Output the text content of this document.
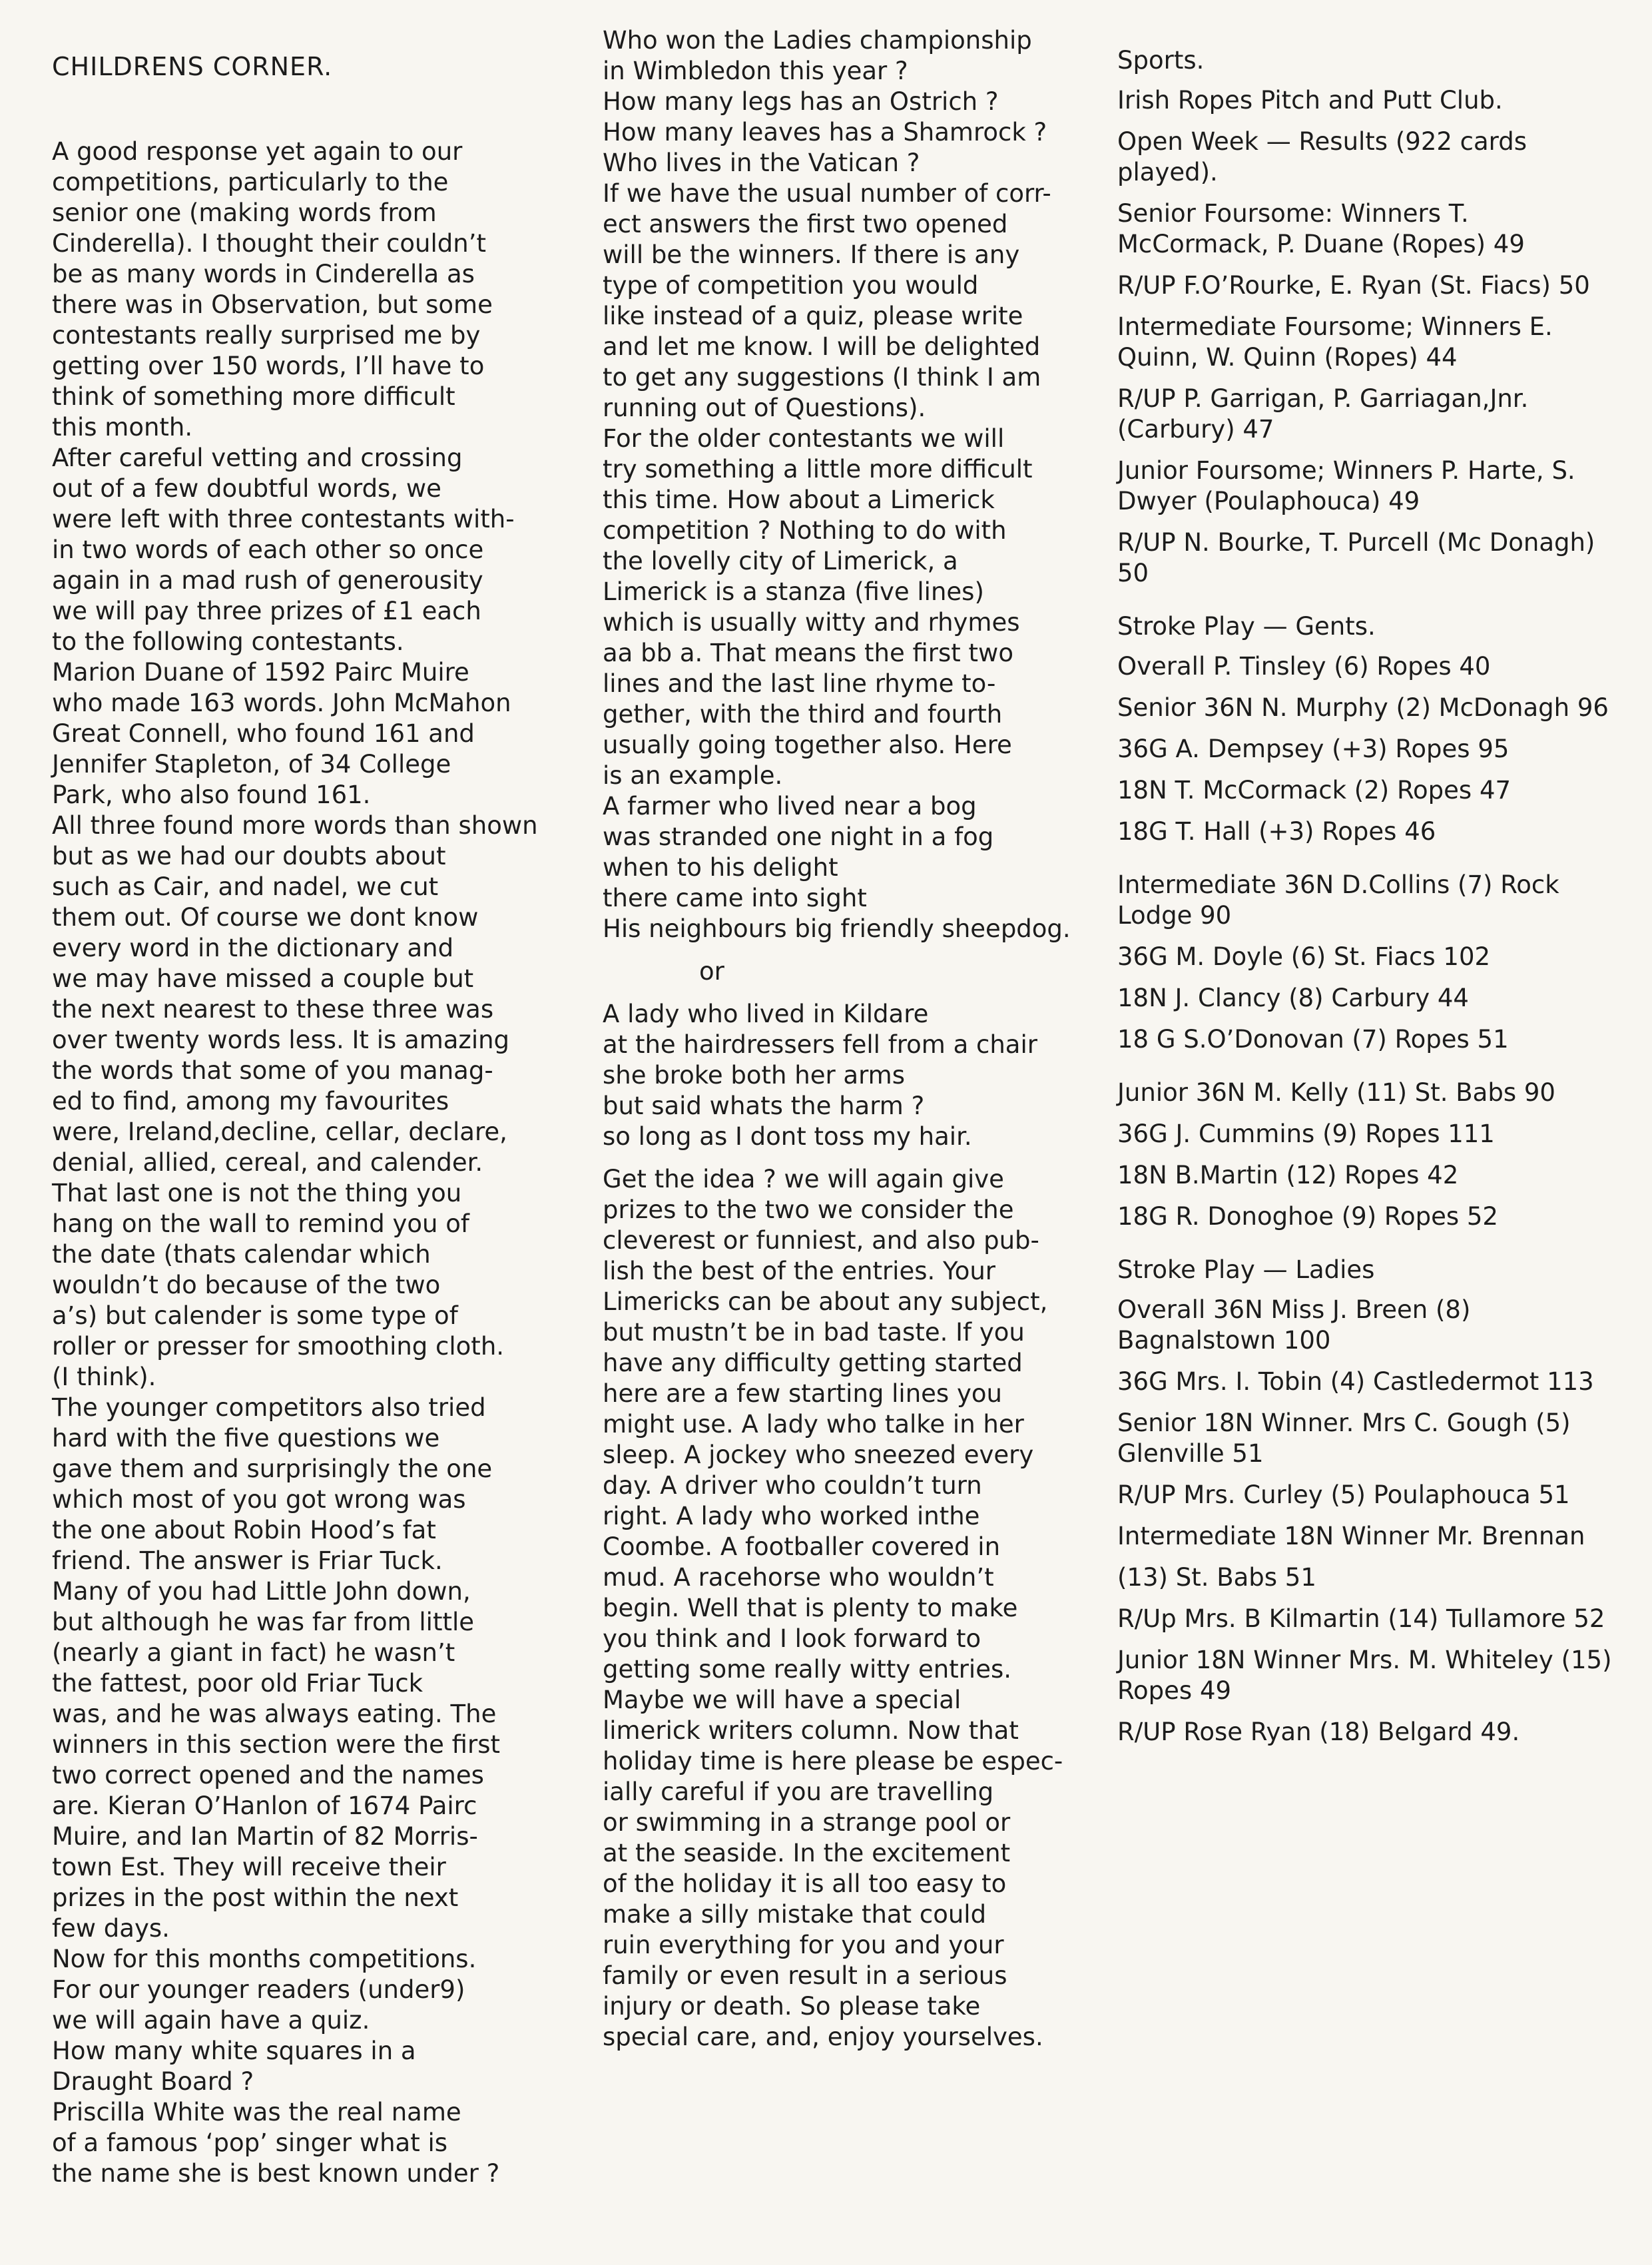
CHILDRENS CORNER.
A good response yet again to our
competitions, particularly to the
senior one (making words from
Cinderella). I thought their couldn’t
be as many words in Cinderella as
there was in Observation, but some
contestants really surprised me by
getting over 150 words, I’ll have to
think of something more difficult
this month.
After careful vetting and crossing
out of a few doubtful words, we
were left with three contestants with-
in two words of each other so once
again in a mad rush of generousity
we will pay three prizes of £1 each
to the following contestants.
Marion Duane of 1592 Pairc Muire
who made 163 words. John McMahon
Great Connell, who found 161 and
Jennifer Stapleton, of 34 College
Park, who also found 161.
All three found more words than shown
but as we had our doubts about
such as Cair, and nadel, we cut
them out. Of course we dont know
every word in the dictionary and
we may have missed a couple but
the next nearest to these three was
over twenty words less. It is amazing
the words that some of you manag-
ed to find, among my favourites
were, Ireland,decline, cellar, declare,
denial, allied, cereal, and calender.
That last one is not the thing you
hang on the wall to remind you of
the date (thats calendar which
wouldn’t do because of the two
a’s) but calender is some type of
roller or presser for smoothing cloth.
(I think).
The younger competitors also tried
hard with the five questions we
gave them and surprisingly the one
which most of you got wrong was
the one about Robin Hood’s fat
friend. The answer is Friar Tuck.
Many of you had Little John down,
but although he was far from little
(nearly a giant in fact) he wasn’t
the fattest, poor old Friar Tuck
was, and he was always eating. The
winners in this section were the first
two correct opened and the names
are. Kieran O’Hanlon of 1674 Pairc
Muire, and Ian Martin of 82 Morris-
town Est. They will receive their
prizes in the post within the next
few days.
Now for this months competitions.
For our younger readers (under9)
we will again have a quiz.
How many white squares in a
Draught Board ?
Priscilla White was the real name
of a famous ‘pop’ singer what is
the name she is best known under ?
Who won the Ladies championship
in Wimbledon this year ?
How many legs has an Ostrich ?
How many leaves has a Shamrock ?
Who lives in the Vatican ?
If we have the usual number of corr-
ect answers the first two opened
will be the winners. If there is any
type of competition you would
like instead of a quiz, please write
and let me know. I will be delighted
to get any suggestions (I think I am
running out of Questions).
For the older contestants we will
try something a little more difficult
this time. How about a Limerick
competition ? Nothing to do with
the lovelly city of Limerick, a
Limerick is a stanza (five lines)
which is usually witty and rhymes
aa bb a. That means the first two
lines and the last line rhyme to-
gether, with the third and fourth
usually going together also. Here
is an example.
A farmer who lived near a bog
was stranded one night in a fog
when to his delight
there came into sight
His neighbours big friendly sheepdog.
or
A lady who lived in Kildare
at the hairdressers fell from a chair
she broke both her arms
but said whats the harm ?
so long as I dont toss my hair.
Get the idea ? we will again give
prizes to the two we consider the
cleverest or funniest, and also pub-
lish the best of the entries. Your
Limericks can be about any subject,
but mustn’t be in bad taste. If you
have any difficulty getting started
here are a few starting lines you
might use. A lady who talke in her
sleep. A jockey who sneezed every
day. A driver who couldn’t turn
right. A lady who worked inthe
Coombe. A footballer covered in
mud. A racehorse who wouldn’t
begin. Well that is plenty to make
you think and I look forward to
getting some really witty entries.
Maybe we will have a special
limerick writers column. Now that
holiday time is here please be espec-
ially careful if you are travelling
or swimming in a strange pool or
at the seaside. In the excitement
of the holiday it is all too easy to
make a silly mistake that could
ruin everything for you and your
family or even result in a serious
injury or death. So please take
special care, and, enjoy yourselves.
Sports.
Irish Ropes Pitch and Putt Club.
Open Week — Results (922 cards played).
Senior Foursome: Winners T. McCormack, P. Duane (Ropes) 49
R/UP F.O’Rourke, E. Ryan (St. Fiacs) 50
Intermediate Foursome; Winners E. Quinn, W. Quinn (Ropes) 44
R/UP P. Garrigan, P. Garriagan,Jnr. (Carbury) 47
Junior Foursome; Winners P. Harte, S. Dwyer (Poulaphouca) 49
R/UP N. Bourke, T. Purcell (Mc Donagh) 50
Stroke Play — Gents.
Overall P. Tinsley (6) Ropes 40
Senior 36N N. Murphy (2) McDonagh 96
36G A. Dempsey (+3) Ropes 95
18N T. McCormack (2) Ropes 47
18G T. Hall (+3) Ropes 46
Intermediate 36N D.Collins (7) Rock Lodge 90
36G M. Doyle (6) St. Fiacs 102
18N J. Clancy (8) Carbury 44
18 G S.O’Donovan (7) Ropes 51
Junior 36N M. Kelly (11) St. Babs 90
36G J. Cummins (9) Ropes 111
18N B.Martin (12) Ropes 42
18G R. Donoghoe (9) Ropes 52
Stroke Play — Ladies
Overall 36N Miss J. Breen (8) Bagnalstown 100
36G Mrs. I. Tobin (4) Castledermot 113
Senior 18N Winner. Mrs C. Gough (5) Glenville 51
R/UP Mrs. Curley (5) Poulaphouca 51
Intermediate 18N Winner Mr. Brennan
(13) St. Babs 51
R/Up Mrs. B Kilmartin (14) Tullamore 52
Junior 18N Winner Mrs. M. Whiteley (15) Ropes 49
R/UP Rose Ryan (18) Belgard 49.
